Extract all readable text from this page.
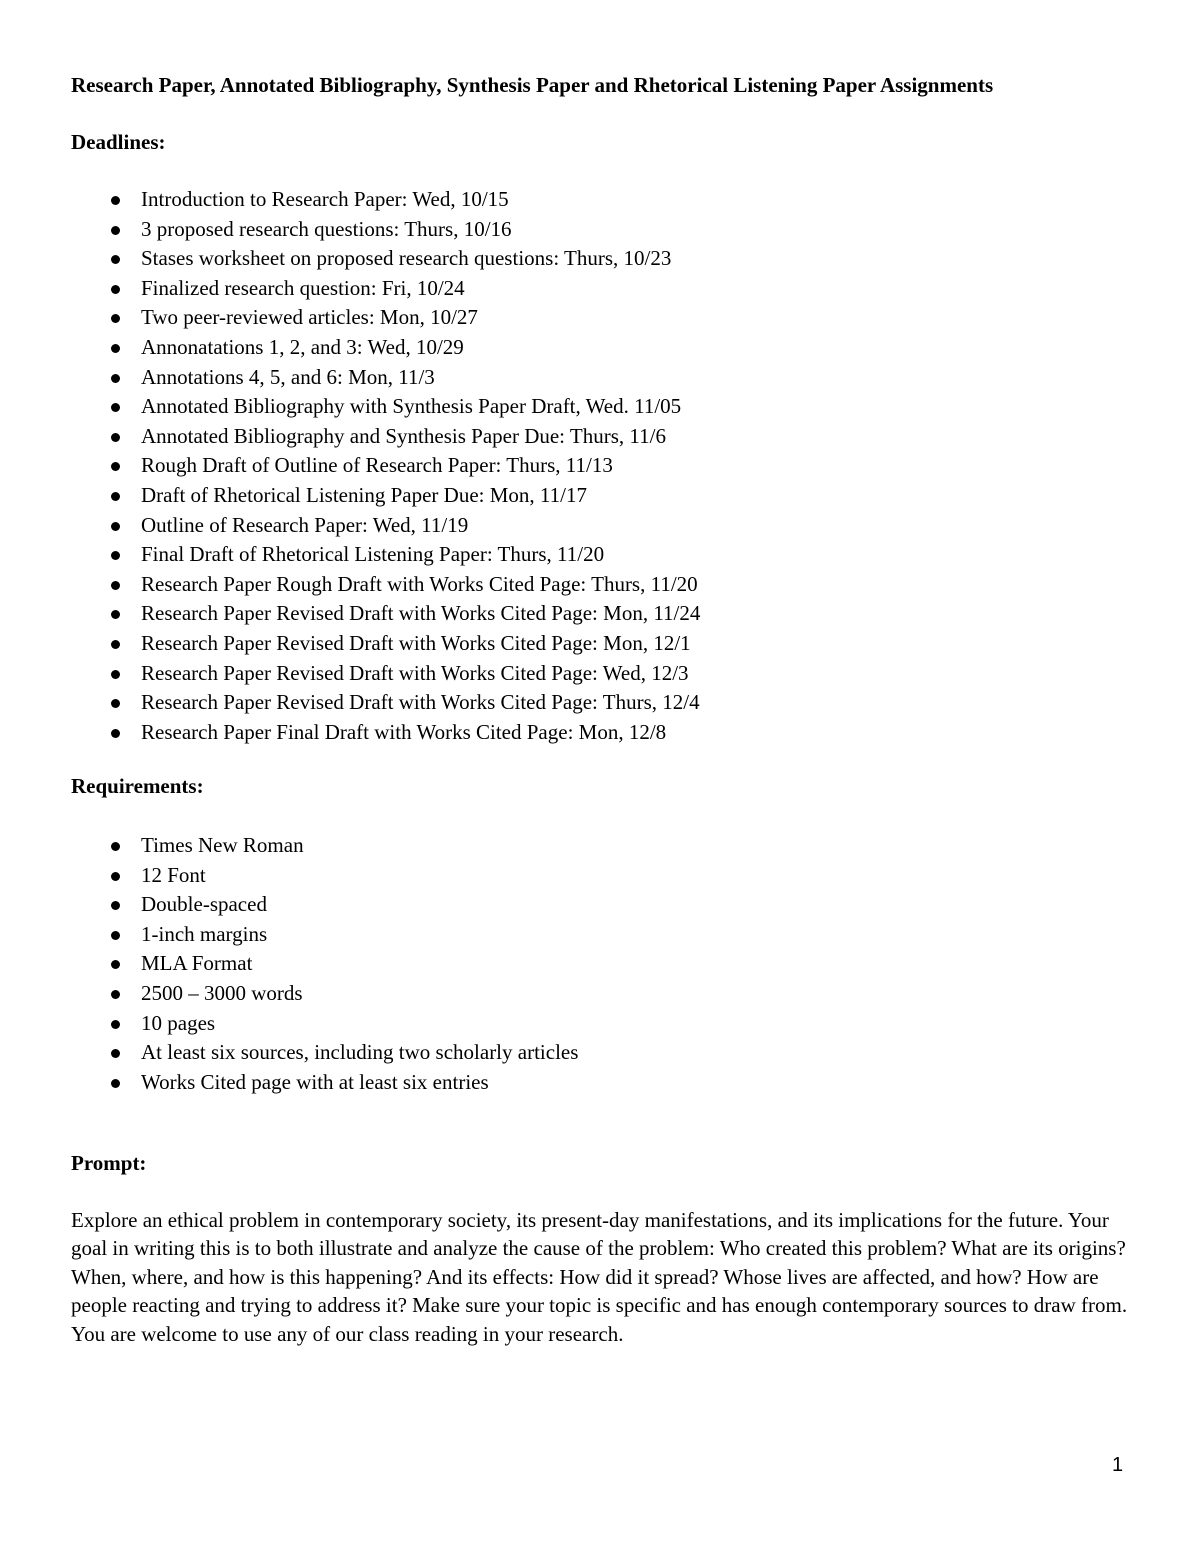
Research Paper, Annotated Bibliography, Synthesis Paper and Rhetorical Listening Paper Assignments
Deadlines:
Introduction to Research Paper: Wed, 10/15
3 proposed research questions: Thurs, 10/16
Stases worksheet on proposed research questions: Thurs, 10/23
Finalized research question: Fri, 10/24
Two peer-reviewed articles: Mon, 10/27
Annonatations 1, 2, and 3: Wed, 10/29
Annotations 4, 5, and 6: Mon, 11/3
Annotated Bibliography with Synthesis Paper Draft, Wed. 11/05
Annotated Bibliography and Synthesis Paper Due: Thurs, 11/6
Rough Draft of Outline of Research Paper: Thurs, 11/13
Draft of Rhetorical Listening Paper Due: Mon, 11/17
Outline of Research Paper: Wed, 11/19
Final Draft of Rhetorical Listening Paper: Thurs, 11/20
Research Paper Rough Draft with Works Cited Page: Thurs, 11/20
Research Paper Revised Draft with Works Cited Page: Mon, 11/24
Research Paper Revised Draft with Works Cited Page: Mon, 12/1
Research Paper Revised Draft with Works Cited Page: Wed, 12/3
Research Paper Revised Draft with Works Cited Page: Thurs, 12/4
Research Paper Final Draft with Works Cited Page: Mon, 12/8
Requirements:
Times New Roman
12 Font
Double-spaced
1-inch margins
MLA Format
2500 – 3000 words
10 pages
At least six sources, including two scholarly articles
Works Cited page with at least six entries
Prompt:

Explore an ethical problem in contemporary society, its present-day manifestations, and its implications for the future. Your goal in writing this is to both illustrate and analyze the cause of the problem: Who created this problem? What are its origins? When, where, and how is this happening? And its effects: How did it spread? Whose lives are affected, and how? How are people reacting and trying to address it? Make sure your topic is specific and has enough contemporary sources to draw from. You are welcome to use any of our class reading in your research.

1
